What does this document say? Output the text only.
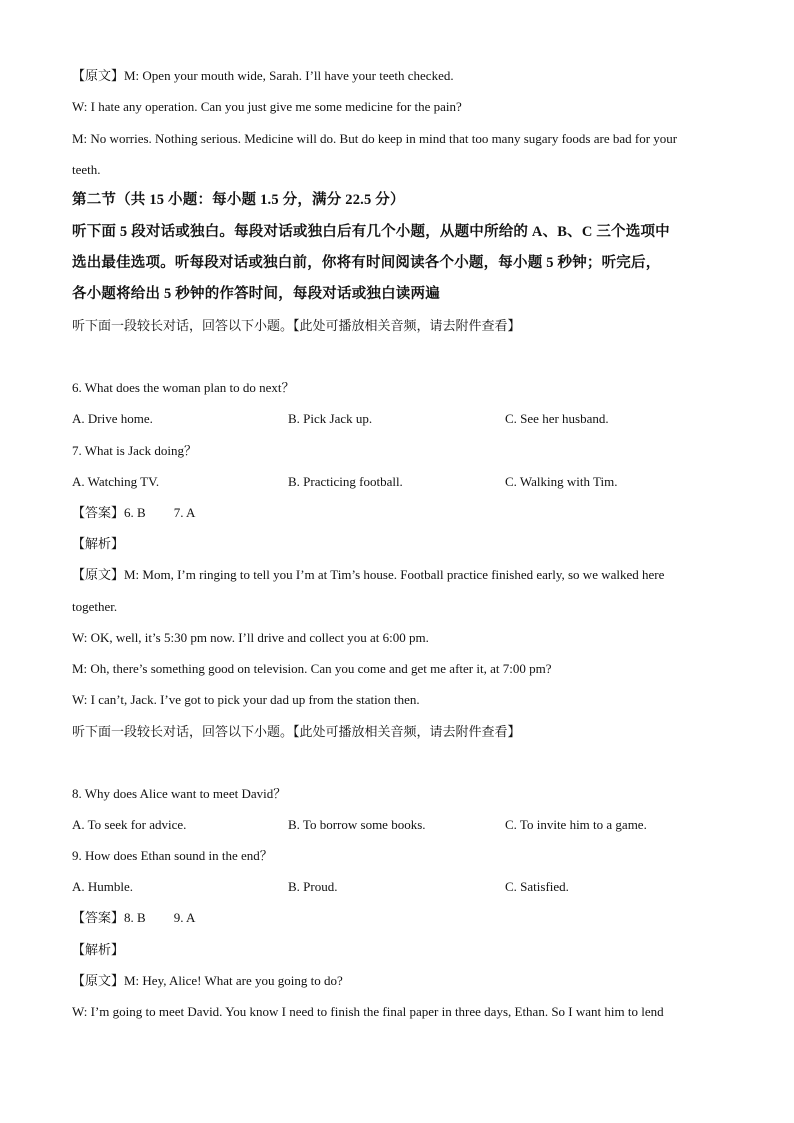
【原文】M: Open your mouth wide, Sarah. I’ll have your teeth checked.
W: I hate any operation. Can you just give me some medicine for the pain?
M: No worries. Nothing serious. Medicine will do. But do keep in mind that too many sugary foods are bad for your
teeth.
第二节（共 15 小题：每小题 1.5 分，满分 22.5 分）
听下面 5 段对话或独白。每段对话或独白后有几个小题，从题中所给的 A、B、C 三个选项中
选出最佳选项。听每段对话或独白前，你将有时间阅读各个小题，每小题 5 秒钟；听完后，
各小题将给出 5 秒钟的作答时间，每段对话或独白读两遍
听下面一段较长对话，回答以下小题。【此处可播放相关音频，请去附件查看】
6. What does the woman plan to do next？
A. Drive home.	B. Pick Jack up.	C. See her husband.
7. What is Jack doing？
A. Watching TV.	B. Practicing football.	C. Walking with Tim.
【答案】6. B 7. A
【解析】
【原文】M: Mom, I’m ringing to tell you I’m at Tim’s house. Football practice finished early, so we walked here
together.
W: OK, well, it’s 5:30 pm now. I’ll drive and collect you at 6:00 pm.
M: Oh, there’s something good on television. Can you come and get me after it, at 7:00 pm?
W: I can’t, Jack. I’ve got to pick your dad up from the station then.
听下面一段较长对话，回答以下小题。【此处可播放相关音频，请去附件查看】
8. Why does Alice want to meet David？
A. To seek for advice.	B. To borrow some books.	C. To invite him to a game.
9. How does Ethan sound in the end？
A. Humble.	B. Proud.	C. Satisfied.
【答案】8. B 9. A
【解析】
【原文】M: Hey, Alice! What are you going to do?
W: I’m going to meet David. You know I need to finish the final paper in three days, Ethan. So I want him to lend
